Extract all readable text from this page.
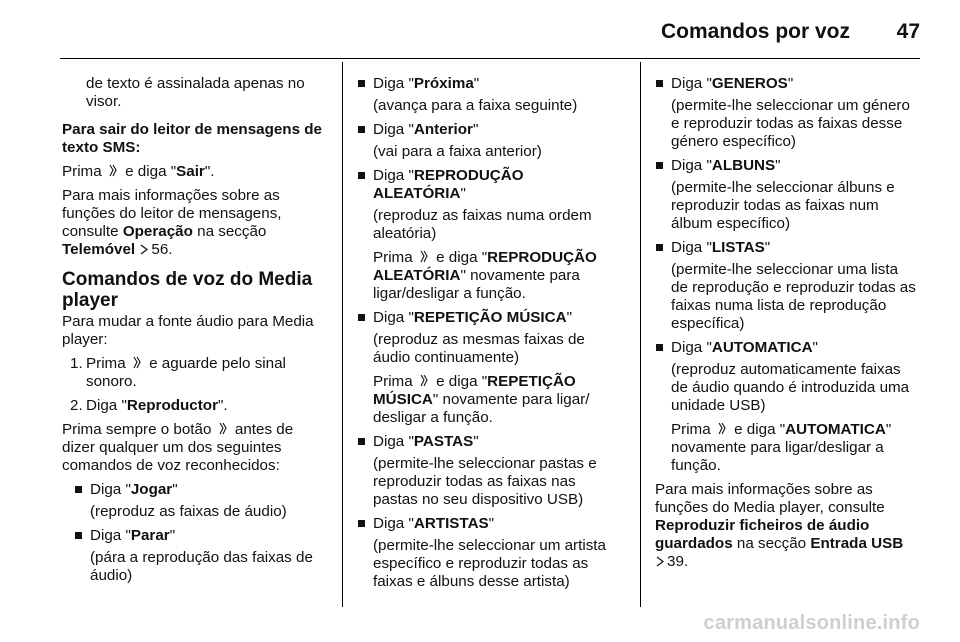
Comandos por voz 47

de texto é assinalada apenas no visor.

Para sair do leitor de mensagens de texto SMS:

Prima e diga "Sair".

Para mais informações sobre as funções do leitor de mensagens, consulte Operação na secção Telemóvel 56.

Comandos de voz do Media player

Para mudar a fonte áudio para Media player:

1. Prima e aguarde pelo sinal sonoro.
2. Diga "Reproductor".

Prima sempre o botão antes de dizer qualquer um dos seguintes comandos de voz reconhecidos:

Diga "Jogar"
(reproduz as faixas de áudio)
Diga "Parar"
(pára a reprodução das faixas de áudio)
Diga "Próxima"
(avança para a faixa seguinte)
Diga "Anterior"
(vai para a faixa anterior)
Diga "REPRODUÇÃO ALEATÓRIA"
(reproduz as faixas numa ordem aleatória)
Prima e diga "REPRODUÇÃO ALEATÓRIA" novamente para ligar/desligar a função.
Diga "REPETIÇÃO MÚSICA"
(reproduz as mesmas faixas de áudio continuamente)
Prima e diga "REPETIÇÃO MÚSICA" novamente para ligar/ desligar a função.
Diga "PASTAS"
(permite-lhe seleccionar pastas e reproduzir todas as faixas nas pastas no seu dispositivo USB)
Diga "ARTISTAS"
(permite-lhe seleccionar um artista específico e reproduzir todas as faixas e álbuns desse artista)
Diga "GENEROS"
(permite-lhe seleccionar um género e reproduzir todas as faixas desse género específico)
Diga "ALBUNS"
(permite-lhe seleccionar álbuns e reproduzir todas as faixas num álbum específico)
Diga "LISTAS"
(permite-lhe seleccionar uma lista de reprodução e reproduzir todas as faixas numa lista de reprodução específica)
Diga "AUTOMATICA"
(reproduz automaticamente faixas de áudio quando é introduzida uma unidade USB)
Prima e diga "AUTOMATICA" novamente para ligar/desligar a função.

Para mais informações sobre as funções do Media player, consulte Reproduzir ficheiros de áudio guardados na secção Entrada USB
39.

carmanualsonline.info
